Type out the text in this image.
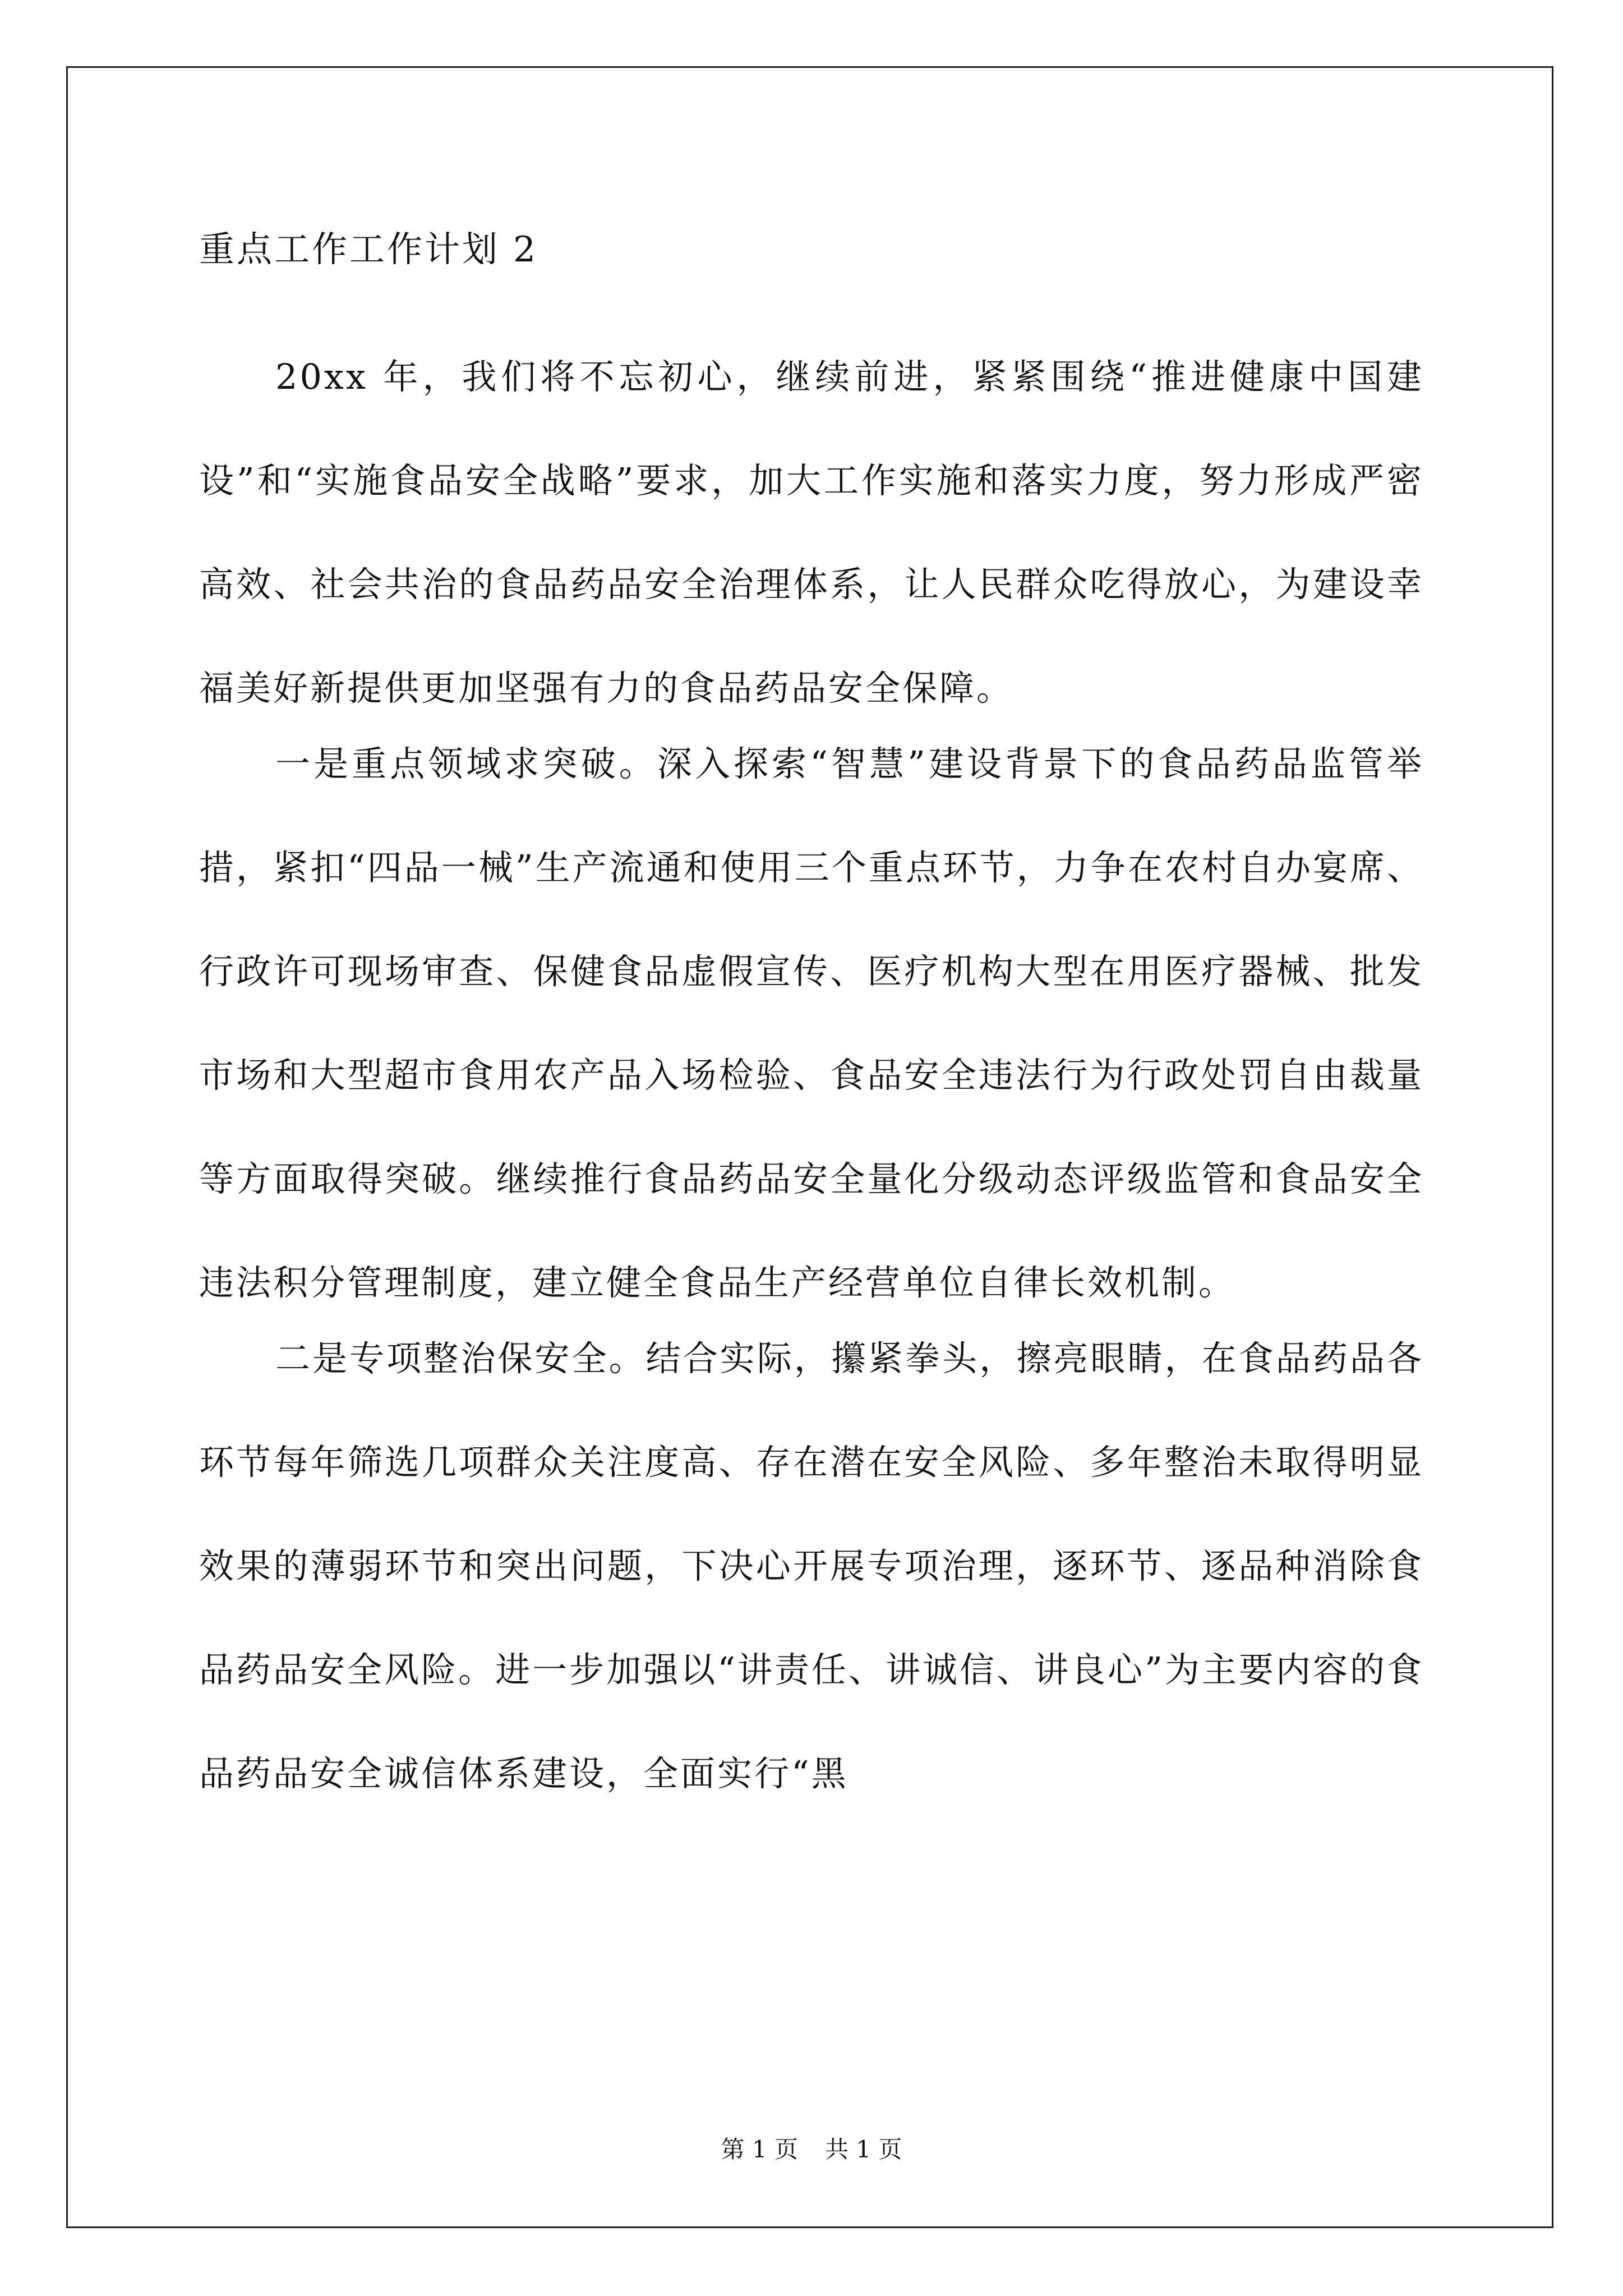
重点工作工作计划 2

20xx 年，我们将不忘初心，继续前进，紧紧围绕“推进健康中国建设”和“实施食品安全战略”要求，加大工作实施和落实力度，努力形成严密高效、社会共治的食品药品安全治理体系，让人民群众吃得放心，为建设幸福美好新提供更加坚强有力的食品药品安全保障。

一是重点领域求突破。深入探索“智慧”建设背景下的食品药品监管举措，紧扣“四品一械”生产流通和使用三个重点环节，力争在农村自办宴席、行政许可现场审查、保健食品虚假宣传、医疗机构大型在用医疗器械、批发市场和大型超市食用农产品入场检验、食品安全违法行为行政处罚自由裁量等方面取得突破。继续推行食品药品安全量化分级动态评级监管和食品安全违法积分管理制度，建立健全食品生产经营单位自律长效机制。

二是专项整治保安全。结合实际，攥紧拳头，擦亮眼睛，在食品药品各环节每年筛选几项群众关注度高、存在潜在安全风险、多年整治未取得明显效果的薄弱环节和突出问题，下决心开展专项治理，逐环节、逐品种消除食品药品安全风险。进一步加强以“讲责任、讲诚信、讲良心”为主要内容的食品药品安全诚信体系建设，全面实行“黑

第 1 页 共 1 页
